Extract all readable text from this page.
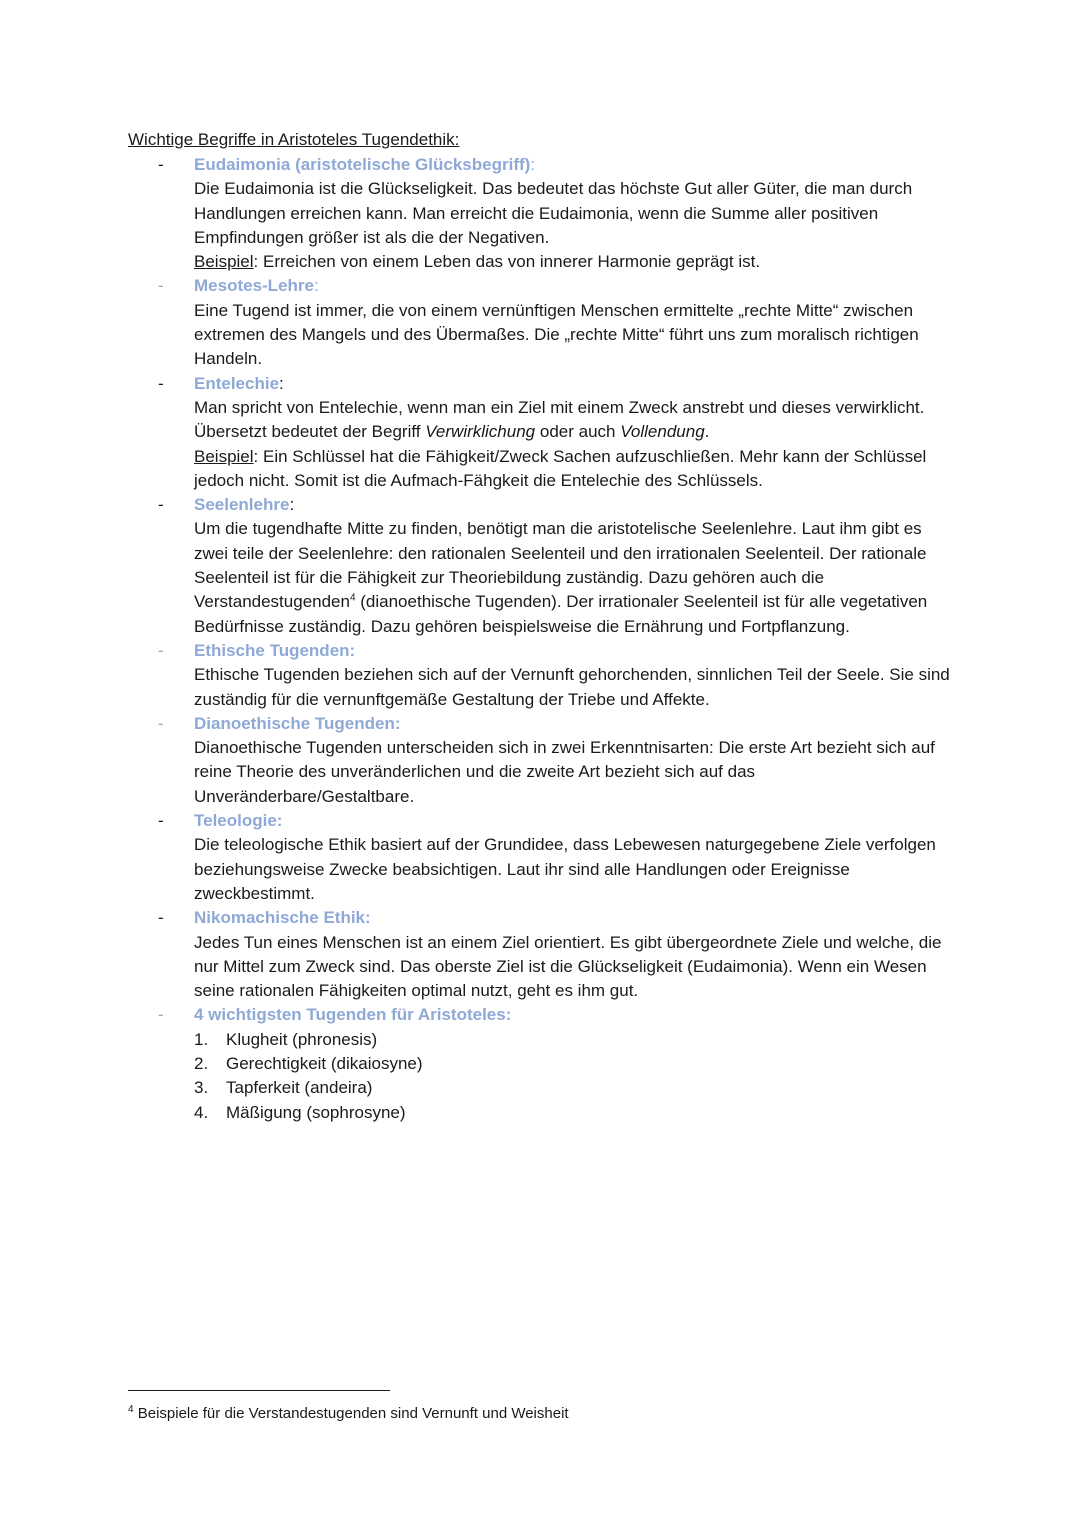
Wichtige Begriffe in Aristoteles Tugendethik:
- Eudaimonia (aristotelische Glücksbegriff):

Die Eudaimonia ist die Glückseligkeit. Das bedeutet das höchste Gut aller Güter, die man durch Handlungen erreichen kann. Man erreicht die Eudaimonia, wenn die Summe aller positiven Empfindungen größer ist als die der Negativen.

Beispiel: Erreichen von einem Leben das von innerer Harmonie geprägt ist.

- Mesotes-Lehre:

Eine Tugend ist immer, die von einem vernünftigen Menschen ermittelte „rechte Mitte“ zwischen extremen des Mangels und des Übermaßes. Die „rechte Mitte“ führt uns zum moralisch richtigen Handeln.

- Entelechie:

Man spricht von Entelechie, wenn man ein Ziel mit einem Zweck anstrebt und dieses verwirklicht. Übersetzt bedeutet der Begriff Verwirklichung oder auch Vollendung.

Beispiel: Ein Schlüssel hat die Fähigkeit/Zweck Sachen aufzuschließen. Mehr kann der Schlüssel jedoch nicht. Somit ist die Aufmach-Fähgkeit die Entelechie des Schlüssels.

- Seelenlehre:

Um die tugendhafte Mitte zu finden, benötigt man die aristotelische Seelenlehre. Laut ihm gibt es zwei teile der Seelenlehre: den rationalen Seelenteil und den irrationalen Seelenteil. Der rationale Seelenteil ist für die Fähigkeit zur Theoriebildung zuständig. Dazu gehören auch die Verstandestugenden$^4$ (dianoethische Tugenden). Der irrationaler Seelenteil ist für alle vegetativen Bedürfnisse zuständig. Dazu gehören beispielsweise die Ernährung und Fortpflanzung.

- Ethische Tugenden:

Ethische Tugenden beziehen sich auf der Vernunft gehorchenden, sinnlichen Teil der Seele. Sie sind zuständig für die vernunftgemäße Gestaltung der Triebe und Affekte.

- Dianoethische Tugenden:

Dianoethische Tugenden unterscheiden sich in zwei Erkenntnisarten: Die erste Art bezieht sich auf reine Theorie des unveränderlichen und die zweite Art bezieht sich auf das Unveränderbare/Gestaltbare.

- Teleologie:

Die teleologische Ethik basiert auf der Grundidee, dass Lebewesen naturgegebene Ziele verfolgen beziehungsweise Zwecke beabsichtigen. Laut ihr sind alle Handlungen oder Ereignisse zweckbestimmt.

- Nikomachische Ethik:

Jedes Tun eines Menschen ist an einem Ziel orientiert. Es gibt übergeordnete Ziele und welche, die nur Mittel zum Zweck sind. Das oberste Ziel ist die Glückseligkeit (Eudaimonia). Wenn ein Wesen seine rationalen Fähigkeiten optimal nutzt, geht es ihm gut.

- 4 wichtigsten Tugenden für Aristoteles:
1. Klugheit (phronesis)
2. Gerechtigkeit (dikaiosyne)
3. Tapferkeit (andeira)
4. Mäßigung (sophrosyne)
$^4$ Beispiele für die Verstandestugenden sind Vernunft und Weisheit
